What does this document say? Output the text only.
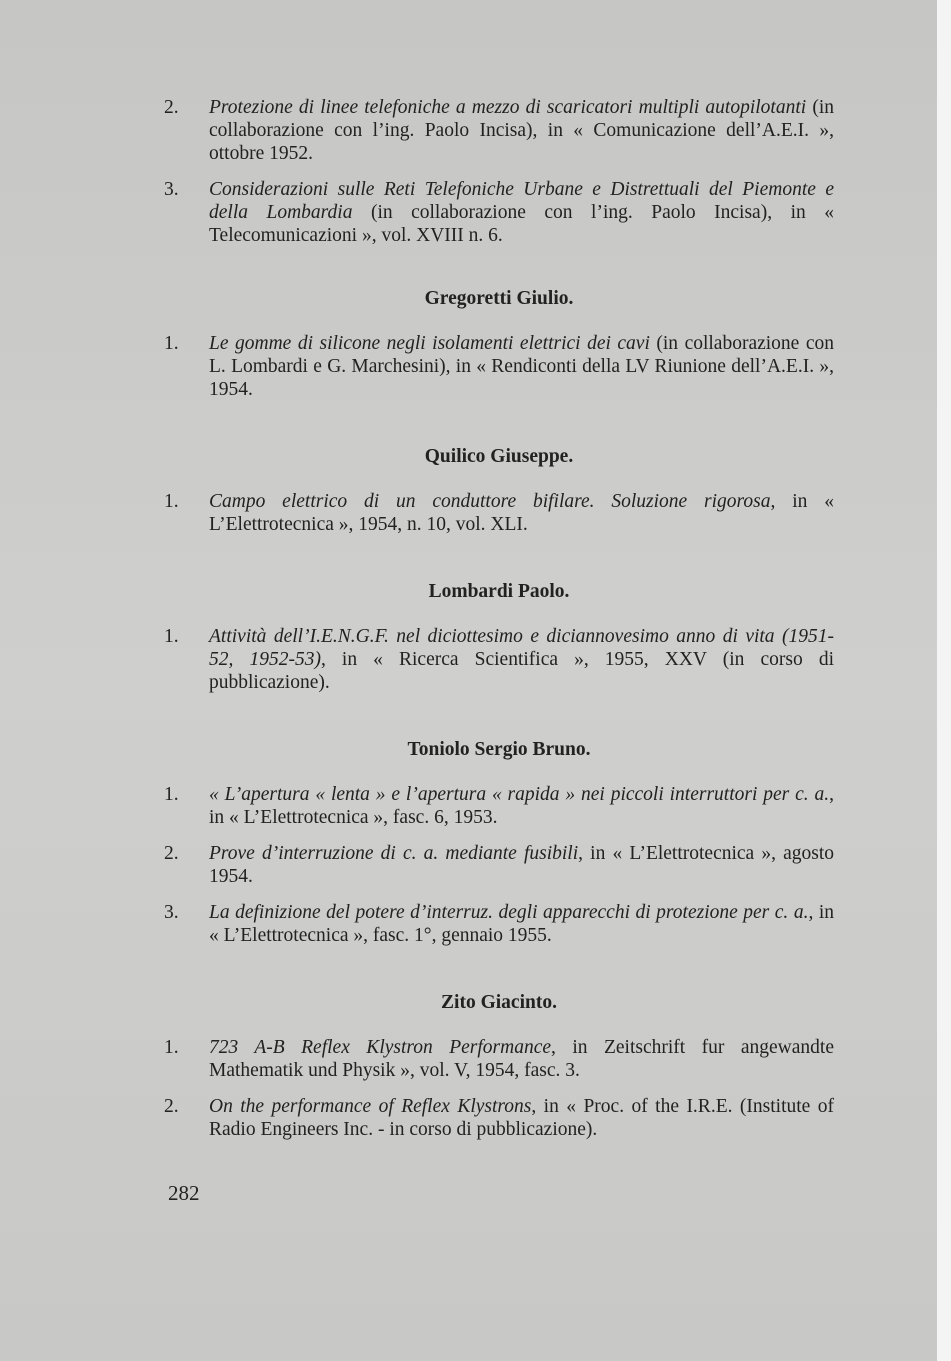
2. Protezione di linee telefoniche a mezzo di scaricatori multipli autopilotanti (in collaborazione con l’ing. Paolo Incisa), in « Comunicazione dell’A.E.I. », ottobre 1952.
3. Considerazioni sulle Reti Telefoniche Urbane e Distrettuali del Piemonte e della Lombardia (in collaborazione con l’ing. Paolo Incisa), in « Telecomunicazioni », vol. XVIII n. 6.
Gregoretti Giulio.
1. Le gomme di silicone negli isolamenti elettrici dei cavi (in collaborazione con L. Lombardi e G. Marchesini), in « Rendiconti della LV Riunione dell’A.E.I. », 1954.
Quilico Giuseppe.
1. Campo elettrico di un conduttore bifilare. Soluzione rigorosa, in « L’Elettrotecnica », 1954, n. 10, vol. XLI.
Lombardi Paolo.
1. Attività dell’I.E.N.G.F. nel diciottesimo e diciannovesimo anno di vita (1951-52, 1952-53), in « Ricerca Scientifica », 1955, XXV (in corso di pubblicazione).
Toniolo Sergio Bruno.
1. « L’apertura « lenta » e l’apertura « rapida » nei piccoli interruttori per c. a., in « L’Elettrotecnica », fasc. 6, 1953.
2. Prove d’interruzione di c. a. mediante fusibili, in « L’Elettrotecnica », agosto 1954.
3. La definizione del potere d’interruz. degli apparecchi di protezione per c. a., in « L’Elettrotecnica », fasc. 1°, gennaio 1955.
Zito Giacinto.
1. 723 A-B Reflex Klystron Performance, in Zeitschrift fur angewandte Mathematik und Physik », vol. V, 1954, fasc. 3.
2. On the performance of Reflex Klystrons, in « Proc. of the I.R.E. (Institute of Radio Engineers Inc. - in corso di pubblicazione).
282
